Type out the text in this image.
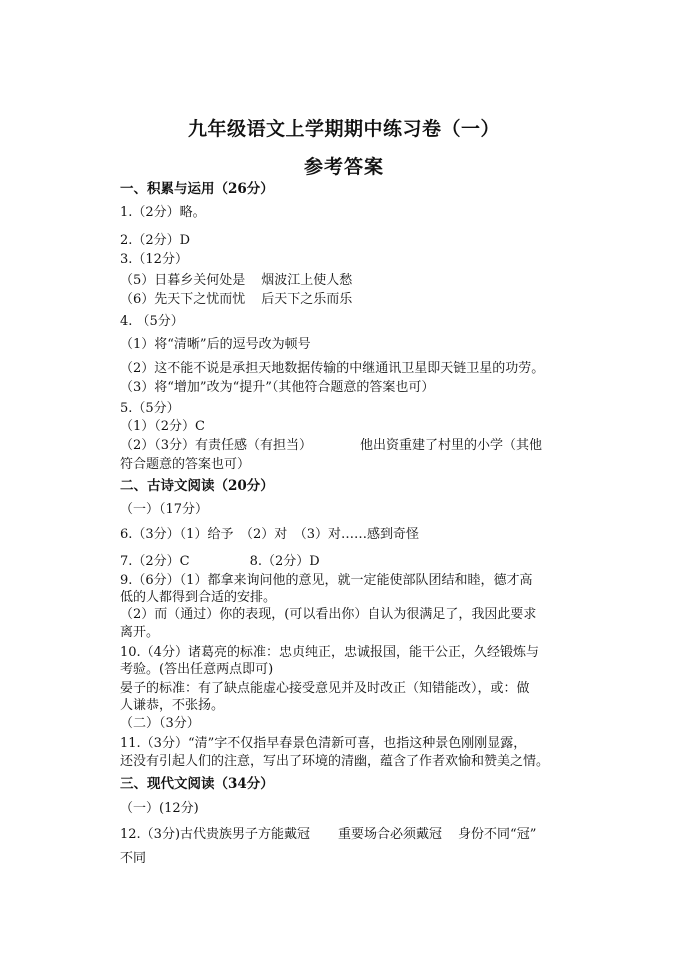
九年级语文上学期期中练习卷（一）
参考答案
一、积累与运用（26分）
1.（2分）略。
2.（2分）D
3.（12分）
（5）日暮乡关何处是 烟波江上使人愁
（6）先天下之忧而忧 后天下之乐而乐
4. （5分）
（1）将“清晰”后的逗号改为顿号
（2）这不能不说是承担天地数据传输的中继通讯卫星即天链卫星的功劳。
（3）将“增加”改为“提升”（其他符合题意的答案也可）
5.（5分）
（1）（2分）C
（2）（3分）有责任感（有担当）	他出资重建了村里的小学（其他
符合题意的答案也可）
二、古诗文阅读（20分）
（一）（17分）
6.（3分）（1）给予　（2）对　（3）对……感到奇怪
7.（2分）C	8.（2分）D
9.（6分）（1）都拿来询问他的意见，就一定能使部队团结和睦，德才高
低的人都得到合适的安排。
（2）而（通过）你的表现，(可以看出你）自认为很满足了，我因此要求
离开。
10.（4分）诸葛亮的标准：忠贞纯正，忠诚报国，能干公正，久经锻炼与
考验。(答出任意两点即可)
晏子的标准：有了缺点能虚心接受意见并及时改正（知错能改），或：做
人谦恭，不张扬。
（二）（3分）
11.（3分）“清”字不仅指早春景色清新可喜，也指这种景色刚刚显露，
还没有引起人们的注意，写出了环境的清幽，蕴含了作者欢愉和赞美之情。
三、现代文阅读（34分）
（一）(12分)
12.（3分)古代贵族男子方能戴冠 重要场合必须戴冠 身份不同“冠”
不同
